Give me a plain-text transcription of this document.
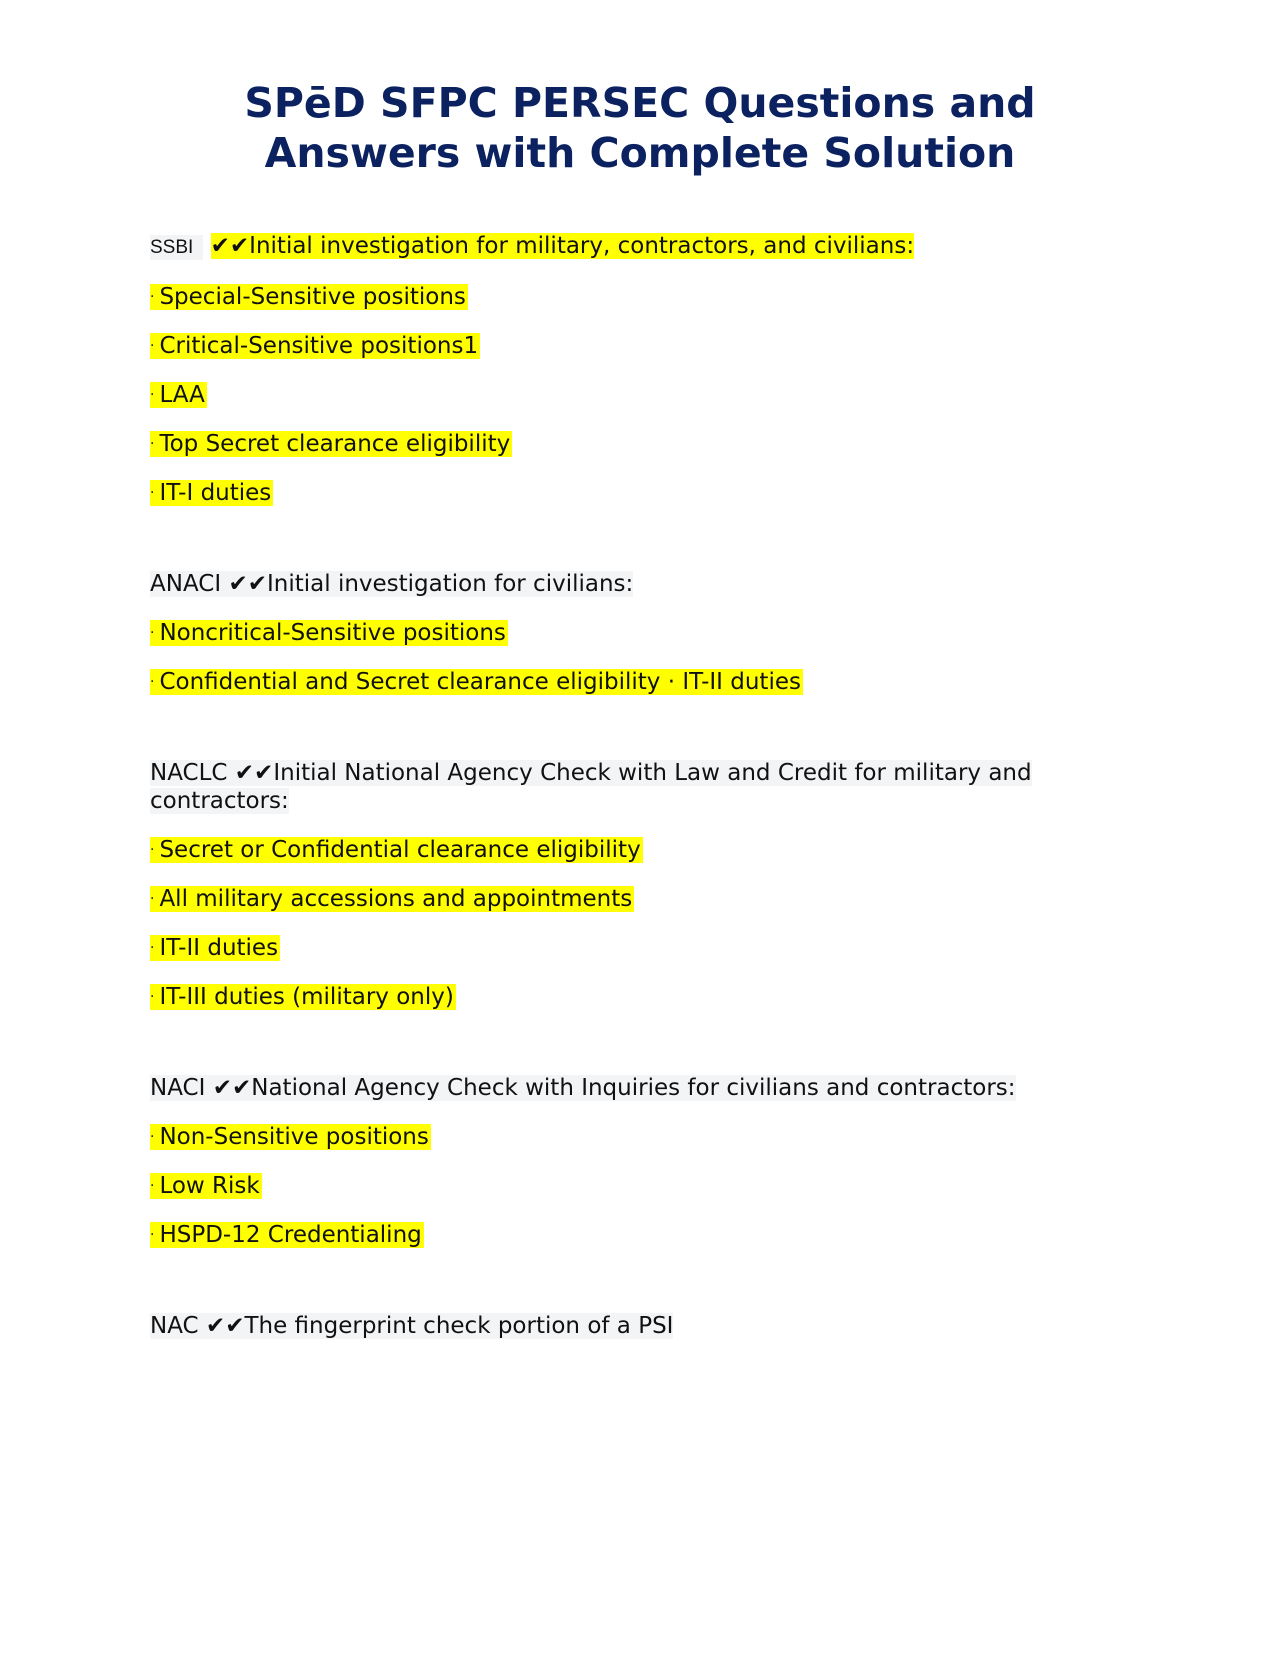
SPēD SFPC PERSEC Questions and
Answers with Complete Solution

SSBI ✔✔Initial investigation for military, contractors, and civilians:

· Special-Sensitive positions

· Critical-Sensitive positions1

· LAA

· Top Secret clearance eligibility

· IT-I duties

ANACI ✔✔Initial investigation for civilians:

· Noncritical-Sensitive positions

· Confidential and Secret clearance eligibility · IT-II duties

NACLC ✔✔Initial National Agency Check with Law and Credit for military and
contractors:

· Secret or Confidential clearance eligibility

· All military accessions and appointments

· IT-II duties

· IT-III duties (military only)

NACI ✔✔National Agency Check with Inquiries for civilians and contractors:

· Non-Sensitive positions

· Low Risk

· HSPD-12 Credentialing

NAC ✔✔The fingerprint check portion of a PSI
